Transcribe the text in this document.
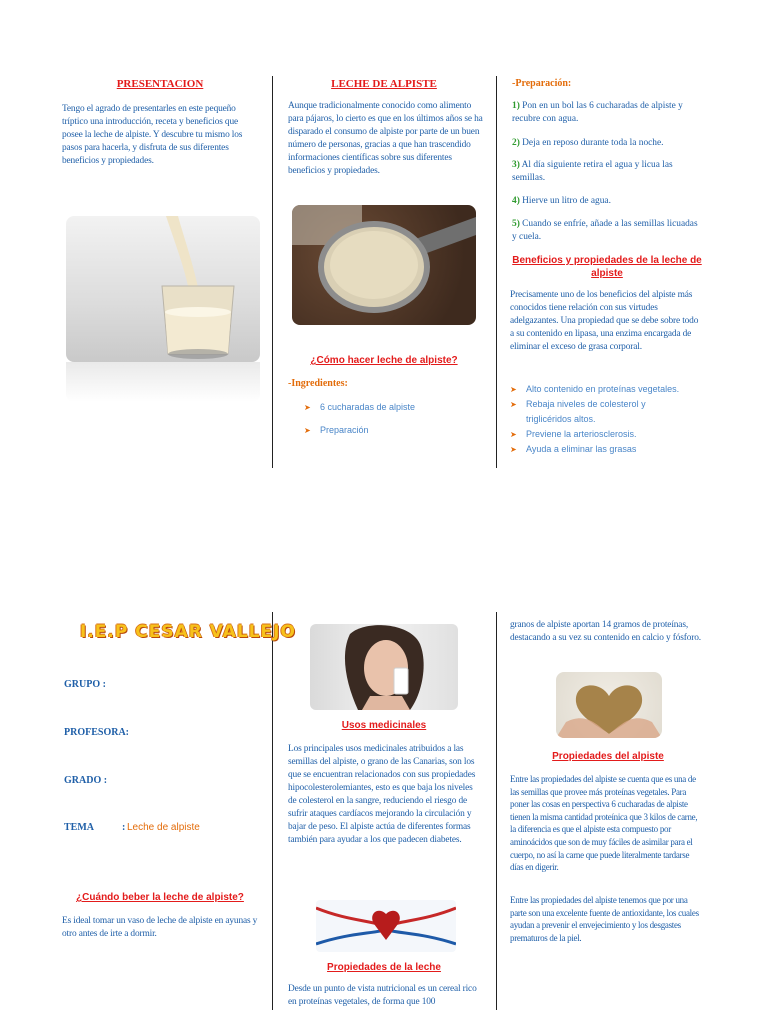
PRESENTACION
Tengo el agrado de presentarles en este pequeño tríptico una introducción, receta y beneficios que posee la leche de alpiste. Y descubre tu mismo los pasos para hacerla, y disfruta de sus diferentes beneficios y propiedades.
LECHE DE ALPISTE
Aunque tradicionalmente conocido como alimento para pájaros, lo cierto es que en los últimos años se ha disparado el consumo de alpiste por parte de un buen número de personas, gracias a que han trascendido informaciones científicas sobre sus diferentes beneficios y propiedades.
¿Cómo hacer leche de alpiste?
-Ingredientes:
➤ 6 cucharadas de alpiste
➤ Preparación
-Preparación:
1) Pon en un bol las 6 cucharadas de alpiste y recubre con agua.
2) Deja en reposo durante toda la noche.
3) Al día siguiente retira el agua y licua las semillas.
4) Hierve un litro de agua.
5) Cuando se enfríe, añade a las semillas licuadas y cuela.
Beneficios y propiedades de la leche de alpiste
Precisamente uno de los beneficios del alpiste más conocidos tiene relación con sus virtudes adelgazantes. Una propiedad que se debe sobre todo a su contenido en lipasa, una enzima encargada de eliminar el exceso de grasa corporal.
➤ Alto contenido en proteínas vegetales.
➤ Rebaja niveles de colesterol y
triglicéridos altos.
➤ Previene la arteriosclerosis.
➤ Ayuda a eliminar las grasas
I.E.P CESAR VALLEJO
GRUPO :
PROFESORA:
GRADO :
TEMA	: Leche de alpiste
¿Cuándo beber la leche de alpiste?
Es ideal tomar un vaso de leche de alpiste en ayunas y otro antes de irte a dormir.
Usos medicinales
Los principales usos medicinales atribuidos a las semillas del alpiste, o grano de las Canarias, son los que se encuentran relacionados con sus propiedades hipocolesterolemiantes, esto es que baja los niveles de colesterol en la sangre, reduciendo el riesgo de sufrir ataques cardíacos mejorando la circulación y bajar de peso. El alpiste actúa de diferentes formas también para ayudar a los que padecen diabetes.
Propiedades de la leche
Desde un punto de vista nutricional es un cereal rico en proteínas vegetales, de forma que 100
granos de alpiste aportan 14 gramos de proteínas, destacando a su vez su contenido en calcio y fósforo.
Propiedades del alpiste
Entre las propiedades del alpiste se cuenta que es una de las semillas que provee más proteínas vegetales. Para poner las cosas en perspectiva 6 cucharadas de alpiste tienen la misma cantidad proteínica que 3 kilos de carne, la diferencia es que el alpiste esta compuesto por aminoácidos que son de muy fáciles de asimilar para el cuerpo, no así la carne que puede literalmente tardarse días en digerir.
Entre las propiedades del alpiste tenemos que por una parte son una excelente fuente de antioxidante, los cuales ayudan a prevenir el envejecimiento y los desgastes prematuros de la piel.
